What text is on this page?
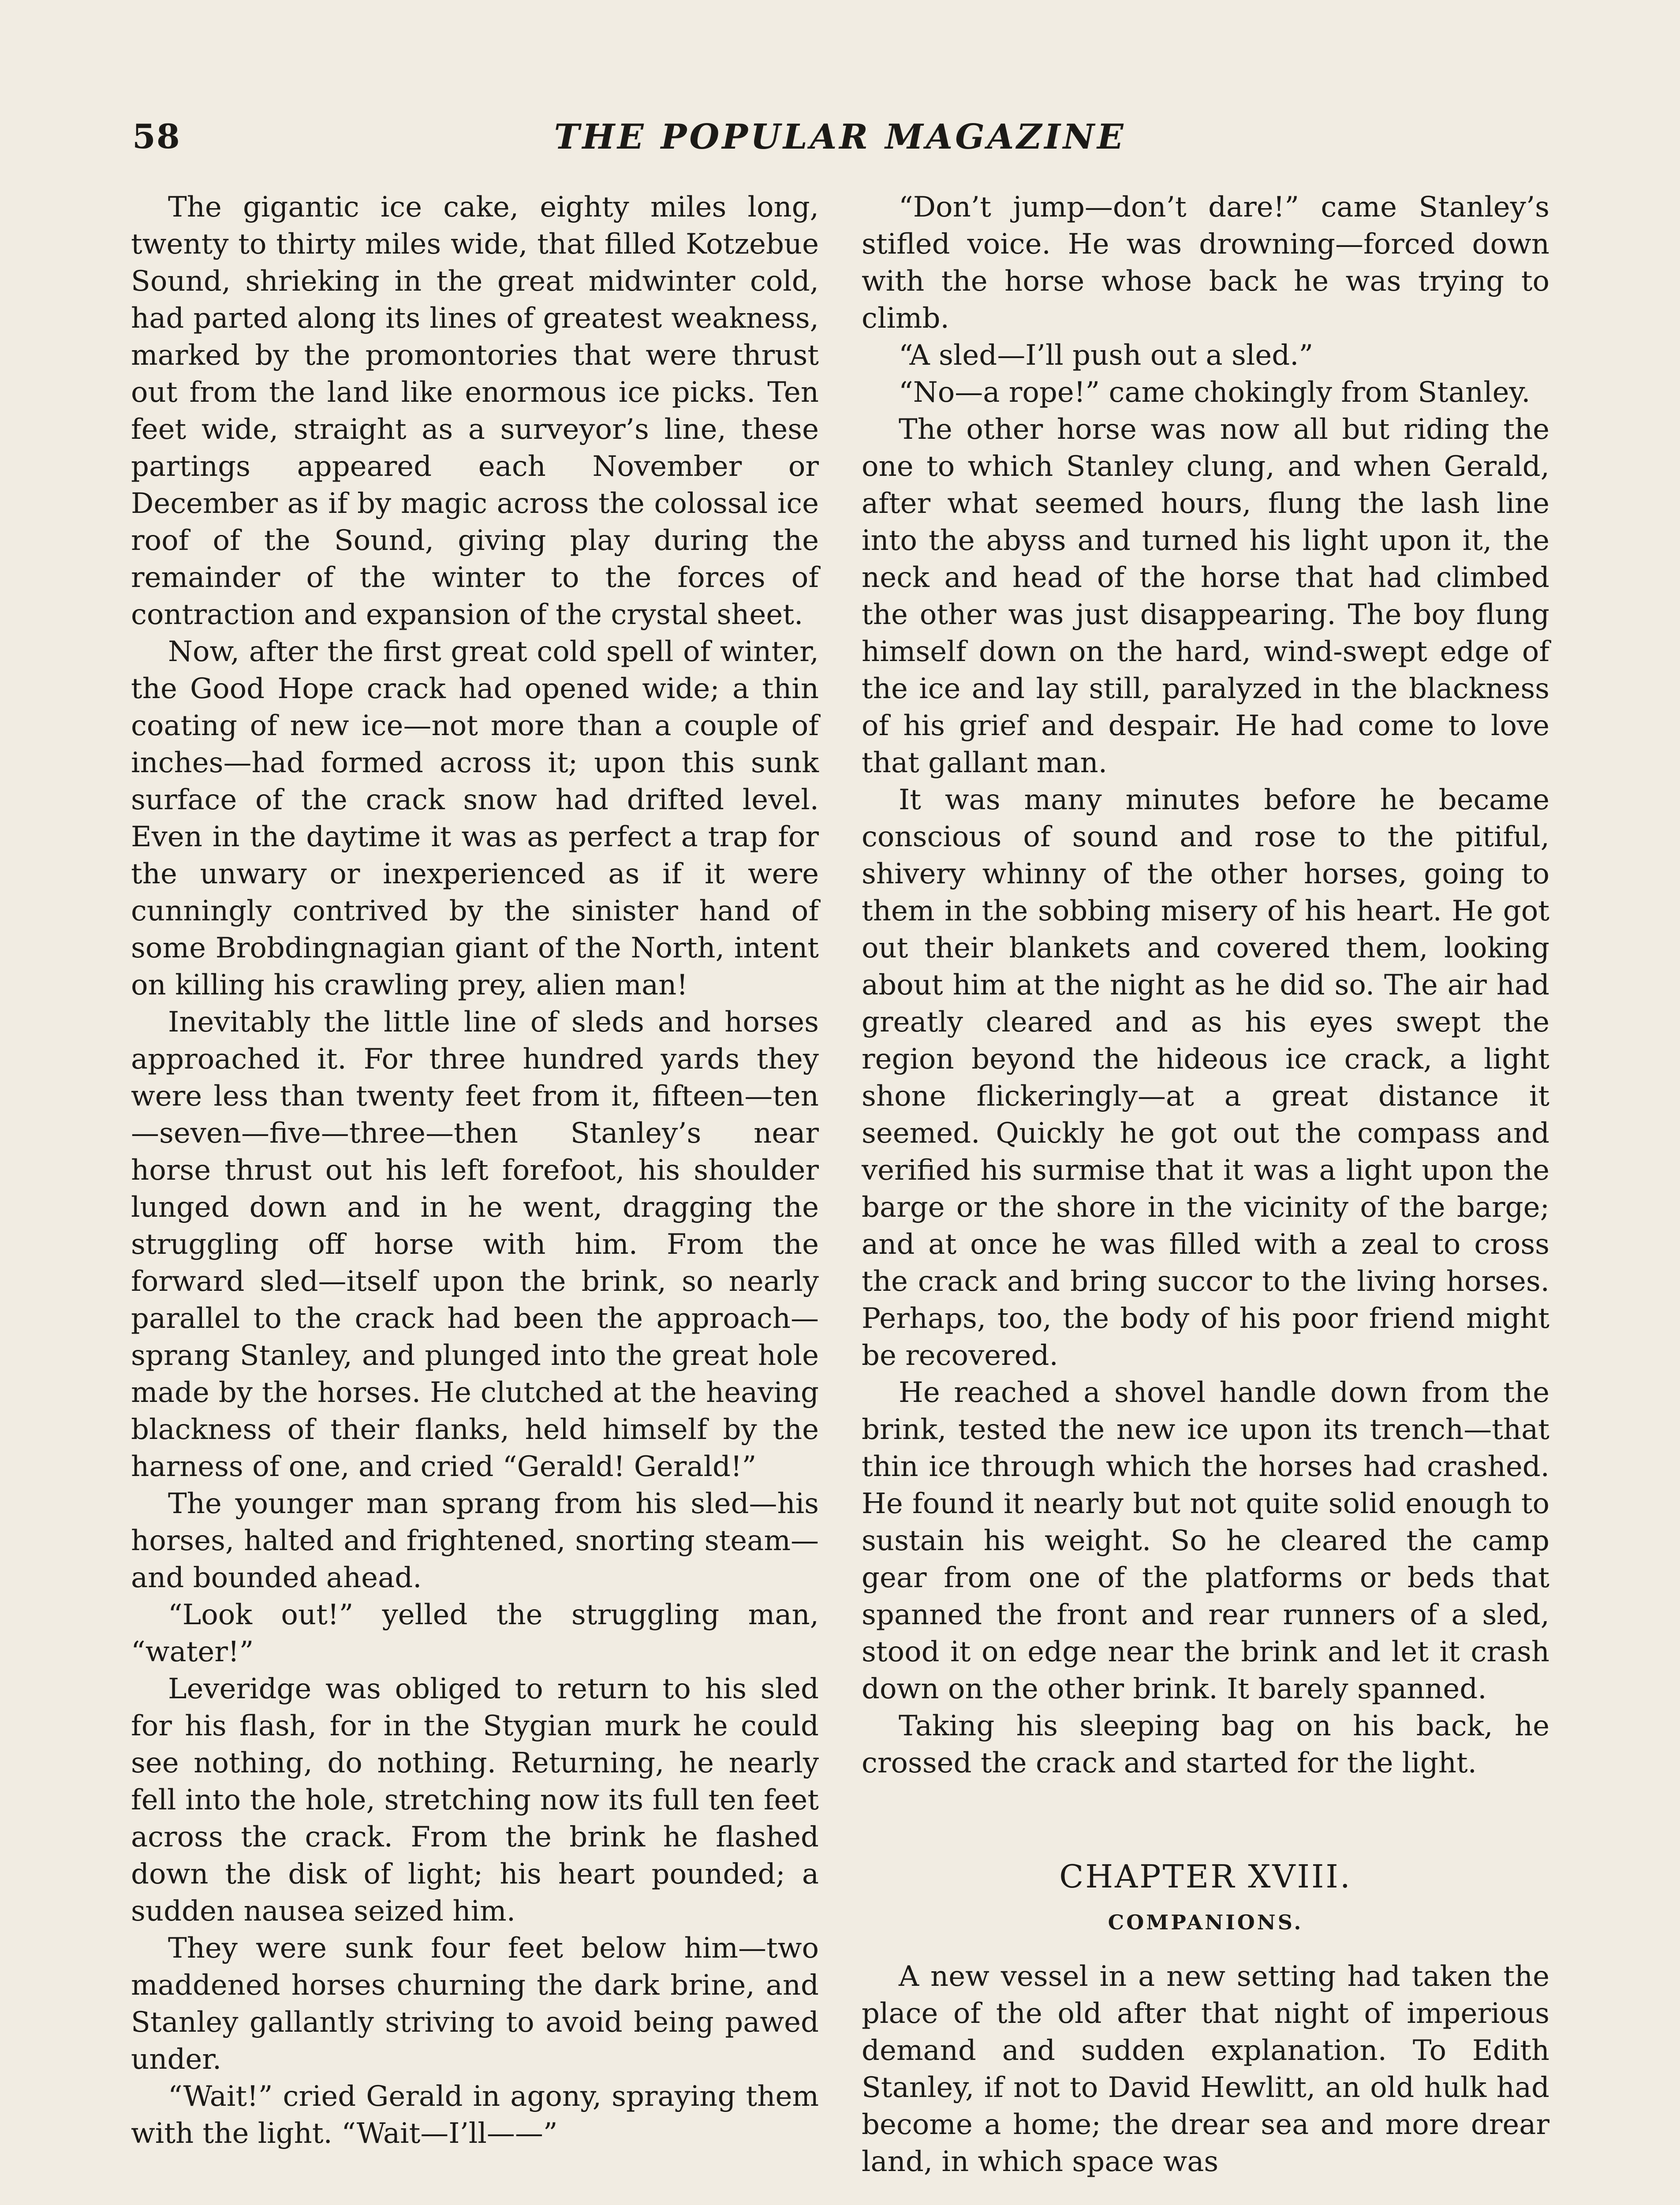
58	THE POPULAR MAGAZINE

The gigantic ice cake, eighty miles long, twenty to thirty miles wide, that filled Kotzebue Sound, shrieking in the great midwinter cold, had parted along its lines of greatest weakness, marked by the promontories that were thrust out from the land like enormous ice picks. Ten feet wide, straight as a surveyor’s line, these partings appeared each November or December as if by magic across the colossal ice roof of the Sound, giving play during the remainder of the winter to the forces of contraction and expansion of the crystal sheet.

Now, after the first great cold spell of winter, the Good Hope crack had opened wide; a thin coating of new ice—not more than a couple of inches—had formed across it; upon this sunk surface of the crack snow had drifted level. Even in the daytime it was as perfect a trap for the unwary or inexperienced as if it were cunningly contrived by the sinister hand of some Brobdingnagian giant of the North, intent on killing his crawling prey, alien man!

Inevitably the little line of sleds and horses approached it. For three hundred yards they were less than twenty feet from it, fifteen—ten—seven—five—three—then Stanley’s near horse thrust out his left forefoot, his shoulder lunged down and in he went, dragging the struggling off horse with him. From the forward sled—itself upon the brink, so nearly parallel to the crack had been the approach—sprang Stanley, and plunged into the great hole made by the horses. He clutched at the heaving blackness of their flanks, held himself by the harness of one, and cried “Gerald! Gerald!”

The younger man sprang from his sled—his horses, halted and frightened, snorting steam—and bounded ahead.

“Look out!” yelled the struggling man, “water!”

Leveridge was obliged to return to his sled for his flash, for in the Stygian murk he could see nothing, do nothing. Returning, he nearly fell into the hole, stretching now its full ten feet across the crack. From the brink he flashed down the disk of light; his heart pounded; a sudden nausea seized him.

They were sunk four feet below him—two maddened horses churning the dark brine, and Stanley gallantly striving to avoid being pawed under.

“Wait!” cried Gerald in agony, spraying them with the light. “Wait—I’ll——”

“Don’t jump—don’t dare!” came Stanley’s stifled voice. He was drowning—forced down with the horse whose back he was trying to climb.

“A sled—I’ll push out a sled.”

“No—a rope!” came chokingly from Stanley.

The other horse was now all but riding the one to which Stanley clung, and when Gerald, after what seemed hours, flung the lash line into the abyss and turned his light upon it, the neck and head of the horse that had climbed the other was just disappearing. The boy flung himself down on the hard, wind-swept edge of the ice and lay still, paralyzed in the blackness of his grief and despair. He had come to love that gallant man.

It was many minutes before he became conscious of sound and rose to the pitiful, shivery whinny of the other horses, going to them in the sobbing misery of his heart. He got out their blankets and covered them, looking about him at the night as he did so. The air had greatly cleared and as his eyes swept the region beyond the hideous ice crack, a light shone flickeringly—at a great distance it seemed. Quickly he got out the compass and verified his surmise that it was a light upon the barge or the shore in the vicinity of the barge; and at once he was filled with a zeal to cross the crack and bring succor to the living horses. Perhaps, too, the body of his poor friend might be recovered.

He reached a shovel handle down from the brink, tested the new ice upon its trench—that thin ice through which the horses had crashed. He found it nearly but not quite solid enough to sustain his weight. So he cleared the camp gear from one of the platforms or beds that spanned the front and rear runners of a sled, stood it on edge near the brink and let it crash down on the other brink. It barely spanned.

Taking his sleeping bag on his back, he crossed the crack and started for the light.

CHAPTER XVIII.
COMPANIONS.

A new vessel in a new setting had taken the place of the old after that night of imperious demand and sudden explanation. To Edith Stanley, if not to David Hewlitt, an old hulk had become a home; the drear sea and more drear land, in which space was
